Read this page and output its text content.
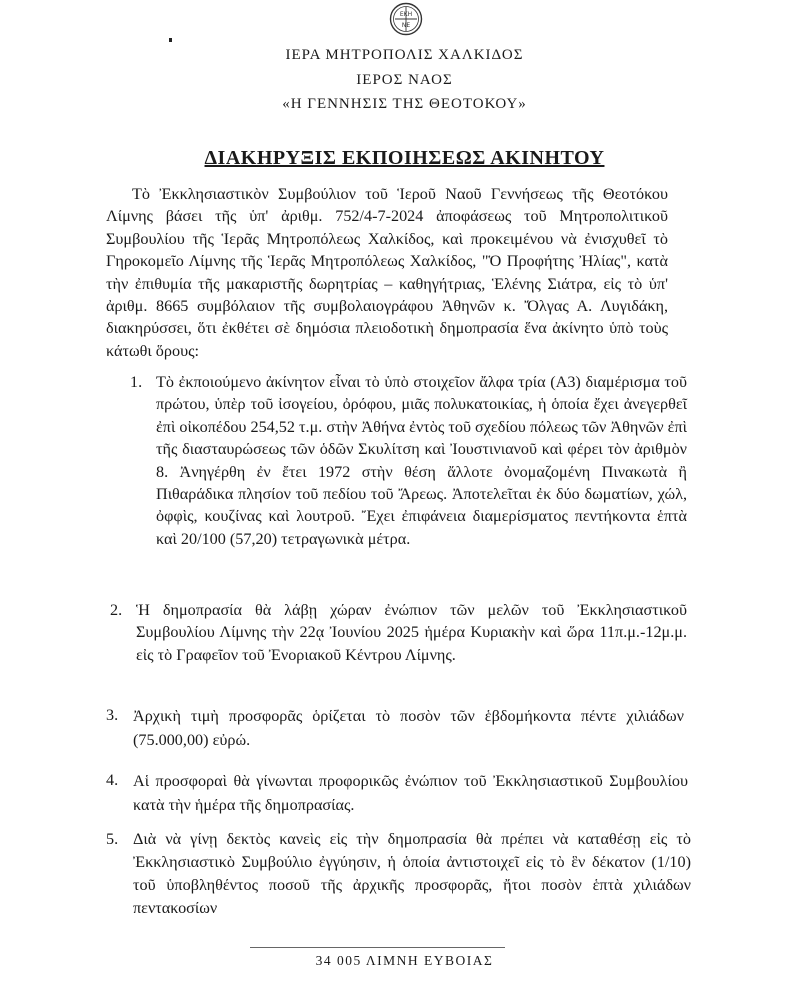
ΕΚΗ
ΝΕ
ΙΕΡΑ ΜΗΤΡΟΠΟΛΙΣ ΧΑΛΚΙΔΟΣ
ΙΕΡΟΣ ΝΑΟΣ
«Η ΓΕΝΝΗΣΙΣ ΤΗΣ ΘΕΟΤΟΚΟΥ»
ΔΙΑΚΗΡΥΞΙΣ ΕΚΠΟΙΗΣΕΩΣ ΑΚΙΝΗΤΟΥ
Τὸ Ἐκκλησιαστικὸν Συμβούλιον τοῦ Ἱεροῦ Ναοῦ Γεννήσεως τῆς Θεοτόκου Λίμνης βάσει τῆς ὑπ' ἀριθμ. 752/4-7-2024 ἀποφάσεως τοῦ Μητροπολιτικοῦ Συμβουλίου τῆς Ἱερᾶς Μητροπόλεως Χαλκίδος, καὶ προκειμένου νὰ ἐνισχυθεῖ τὸ Γηροκομεῖο Λίμνης τῆς Ἱερᾶς Μητροπόλεως Χαλκίδος, "Ὁ Προφήτης Ἠλίας", κατὰ τὴν ἐπιθυμία τῆς μακαριστῆς δωρητρίας – καθηγήτριας, Ἑλένης Σιάτρα, εἰς τὸ ὑπ' ἀριθμ. 8665 συμβόλαιον τῆς συμβολαιογράφου Ἀθηνῶν κ. Ὄλγας Α. Λυγιδάκη, διακηρύσσει, ὅτι ἐκθέτει σὲ δημόσια πλειοδοτικὴ δημοπρασία ἕνα ἀκίνητο ὑπὸ τοὺς κάτωθι ὅρους:
1. Τὸ ἐκποιούμενο ἀκίνητον εἶναι τὸ ὑπὸ στοιχεῖον ἄλφα τρία (Α3) διαμέρισμα τοῦ πρώτου, ὑπὲρ τοῦ ἰσογείου, ὀρόφου, μιᾶς πολυκατοικίας, ἡ ὁποία ἔχει ἀνεγερθεῖ ἐπὶ οἰκοπέδου 254,52 τ.μ. στὴν Ἀθήνα ἐντὸς τοῦ σχεδίου πόλεως τῶν Ἀθηνῶν ἐπὶ τῆς διασταυρώσεως τῶν ὁδῶν Σκυλίτση καὶ Ἰουστινιανοῦ καὶ φέρει τὸν ἀριθμὸν 8. Ἀνηγέρθη ἐν ἔτει 1972 στὴν θέση ἄλλοτε ὀνομαζομένη Πινακωτὰ ἢ Πιθαράδικα πλησίον τοῦ πεδίου τοῦ Ἄρεως. Ἀποτελεῖται ἐκ δύο δωματίων, χώλ, ὀφφὶς, κουζίνας καὶ λουτροῦ. Ἔχει ἐπιφάνεια διαμερίσματος πεντήκοντα ἑπτὰ καὶ 20/100 (57,20) τετραγωνικὰ μέτρα.
2. Ἡ δημοπρασία θὰ λάβῃ χώραν ἐνώπιον τῶν μελῶν τοῦ Ἐκκλησιαστικοῦ Συμβουλίου Λίμνης τὴν 22ᾳ Ἰουνίου 2025 ἡμέρα Κυριακὴν καὶ ὥρα 11π.μ.-12μ.μ. εἰς τὸ Γραφεῖον τοῦ Ἐνοριακοῦ Κέντρου Λίμνης.
3. Ἀρχικὴ τιμὴ προσφορᾶς ὁρίζεται τὸ ποσὸν τῶν ἑβδομήκοντα πέντε χιλιάδων (75.000,00) εὐρώ.
4. Αἱ προσφοραὶ θὰ γίνωνται προφορικῶς ἐνώπιον τοῦ Ἐκκλησιαστικοῦ Συμβουλίου κατὰ τὴν ἡμέρα τῆς δημοπρασίας.
5. Διὰ νὰ γίνῃ δεκτὸς κανεὶς εἰς τὴν δημοπρασία θὰ πρέπει νὰ καταθέσῃ εἰς τὸ Ἐκκλησιαστικὸ Συμβούλιο ἐγγύησιν, ἡ ὁποία ἀντιστοιχεῖ εἰς τὸ ἓν δέκατον (1/10) τοῦ ὑποβληθέντος ποσοῦ τῆς ἀρχικῆς προσφορᾶς, ἤτοι ποσὸν ἑπτὰ χιλιάδων πεντακοσίων
34 005 ΛΙΜΝΗ ΕΥΒΟΙΑΣ
